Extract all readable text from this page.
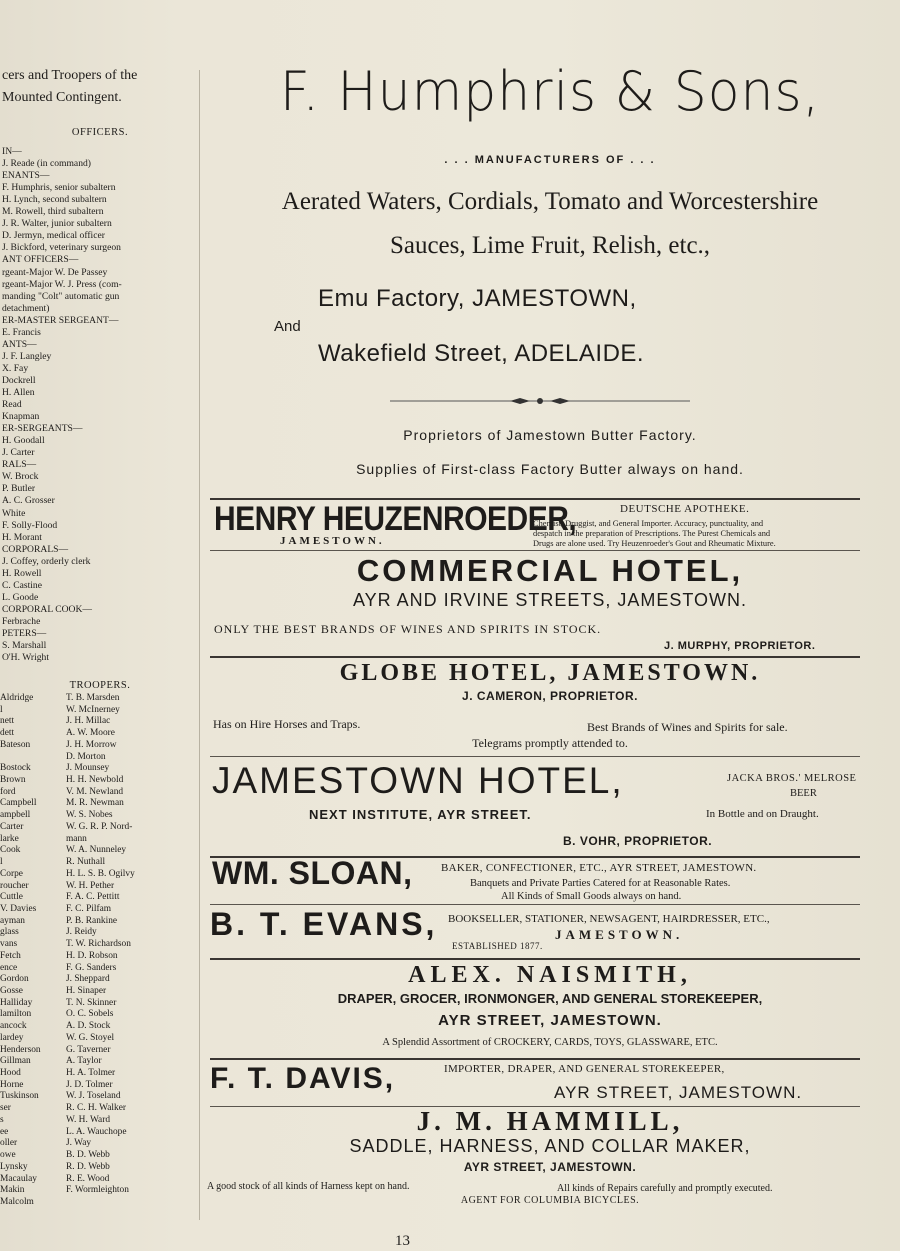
cers and Troopers of the
Mounted Contingent.
OFFICERS.
IN—
J. Reade (in command)
ENANTS—
F. Humphris, senior subaltern
H. Lynch, second subaltern
M. Rowell, third subaltern
J. R. Walter, junior subaltern
D. Jermyn, medical officer
J. Bickford, veterinary surgeon
ANT OFFICERS—
rgeant-Major W. De Passey
rgeant-Major W. J. Press (com-
manding "Colt" automatic gun
detachment)
ER-MASTER SERGEANT—
E. Francis
ANTS—
J. F. Langley
X. Fay
Dockrell
H. Allen
Read
Knapman
ER-SERGEANTS—
H. Goodall
J. Carter
RALS—
W. Brock
P. Butler
A. C. Grosser
White
F. Solly-Flood
H. Morant
CORPORALS—
J. Coffey, orderly clerk
H. Rowell
C. Castine
L. Goode
CORPORAL COOK—
Ferbrache
PETERS—
S. Marshall
O'H. Wright
TROOPERS.
Aldridge
l
nett
dett
Bateson
Bostock
Brown
ford
Campbell
ampbell
Carter
larke
Cook
l
Corpe
roucher
Cuttle
V. Davies
ayman
glass
vans
Fetch
ence
Gordon
Gosse
Halliday
lamilton
ancock
lardey
Henderson
Gillman
Hood
Horne
Tuskinson
ser
s
ee
oller
owe
Lynsky
Macaulay
Makin
Malcolm
T. B. Marsden
W. McInerney
J. H. Millac
A. W. Moore
J. H. Morrow
D. Morton
J. Mounsey
H. H. Newbold
V. M. Newland
M. R. Newman
W. S. Nobes
W. G. R. P. Nord-
mann
W. A. Nunneley
R. Nuthall
H. L. S. B. Ogilvy
W. H. Pether
F. A. C. Pettitt
F. C. Pilfam
P. B. Rankine
J. Reidy
T. W. Richardson
H. D. Robson
F. G. Sanders
J. Sheppard
H. Sinaper
T. N. Skinner
O. C. Sobels
A. D. Stock
W. G. Stoyel
G. Taverner
A. Taylor
H. A. Tolmer
J. D. Tolmer
W. J. Toseland
R. C. H. Walker
W. H. Ward
L. A. Wauchope
J. Way
B. D. Webb
R. D. Webb
R. E. Wood
F. Wormleighton
F. Humphris & Sons,
. . . MANUFACTURERS OF . . .
Aerated Waters, Cordials, Tomato and Worcestershire
Sauces, Lime Fruit, Relish, etc.,
Emu Factory, JAMESTOWN,
And
Wakefield Street, ADELAIDE.
Proprietors of Jamestown Butter Factory.
Supplies of First-class Factory Butter always on hand.
HENRY HEUZENROEDER,
JAMESTOWN.
DEUTSCHE APOTHEKE.
Chemist, Druggist, and General Importer. Accuracy, punctuality, and
despatch in the preparation of Prescriptions. The Purest Chemicals and
Drugs are alone used. Try Heuzenroeder's Gout and Rheumatic Mixture.
COMMERCIAL HOTEL,
AYR AND IRVINE STREETS, JAMESTOWN.
ONLY THE BEST BRANDS OF WINES AND SPIRITS IN STOCK.
J. MURPHY, PROPRIETOR.
GLOBE HOTEL, JAMESTOWN.
J. CAMERON, PROPRIETOR.
Has on Hire Horses and Traps.	Best Brands of Wines and Spirits for sale.
Telegrams promptly attended to.
JAMESTOWN HOTEL,	JACKA BROS.' MELROSE
BEER
In Bottle and on Draught.
NEXT INSTITUTE, AYR STREET.
B. VOHR, PROPRIETOR.
WM. SLOAN,	BAKER, CONFECTIONER, ETC., AYR STREET, JAMESTOWN.
Banquets and Private Parties Catered for at Reasonable Rates.
All Kinds of Small Goods always on hand.
B. T. EVANS, BOOKSELLER, STATIONER, NEWSAGENT, HAIRDRESSER, ETC.,
JAMESTOWN.
ESTABLISHED 1877.
ALEX. NAISMITH,
DRAPER, GROCER, IRONMONGER, AND GENERAL STOREKEEPER,
AYR STREET, JAMESTOWN.
A Splendid Assortment of CROCKERY, CARDS, TOYS, GLASSWARE, ETC.
F. T. DAVIS,	IMPORTER, DRAPER, AND GENERAL STOREKEEPER,
AYR STREET, JAMESTOWN.
J. M. HAMMILL,
SADDLE, HARNESS, AND COLLAR MAKER,
AYR STREET, JAMESTOWN.
A good stock of all kinds of Harness kept on hand.	All kinds of Repairs carefully and promptly executed.
AGENT FOR COLUMBIA BICYCLES.
13
